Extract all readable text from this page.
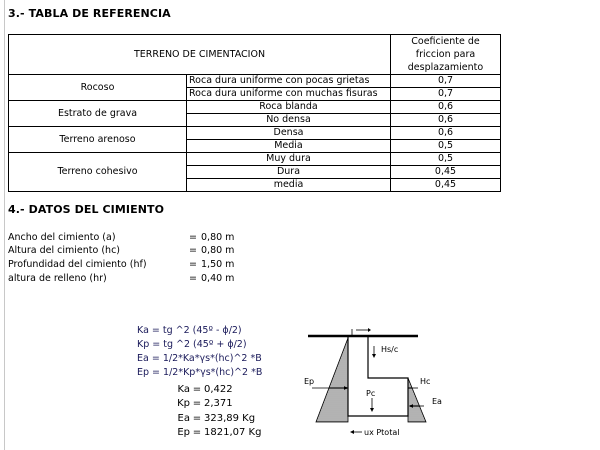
3.- TABLA DE REFERENCIA
TERRENO DE CIMENTACION		Coeficiente de friccion para desplazamiento
Rocoso	Roca dura uniforme con pocas grietas	0,7
	Roca dura uniforme con muchas fisuras	0,7
Estrato de grava	Roca blanda	0,6
	No densa	0,6
Terreno arenoso	Densa	0,6
	Media	0,5
Terreno cohesivo	Muy dura	0,5
	Dura	0,45
	media	0,45
4.- DATOS DEL CIMIENTO
Ancho del cimiento (a)	= 0,80 m
Altura del cimiento (hc)	= 0,80 m
Profundidad del cimiento (hf)	= 1,50 m
altura de relleno (hr)	= 0,40 m
Ka = tg ^2 (45º - ɸ/2)
Kp = tg ^2 (45º + ɸ/2)
Ea = 1/2*Ka*γs*(hc)^2 *B
Ep = 1/2*Kp*γs*(hc)^2 *B
Ka = 0,422
Kp = 2,371
Ea = 323,89 Kg
Ep = 1821,07 Kg
Hs/c
Hc
Ea
Ep
Pc
ux Ptotal
